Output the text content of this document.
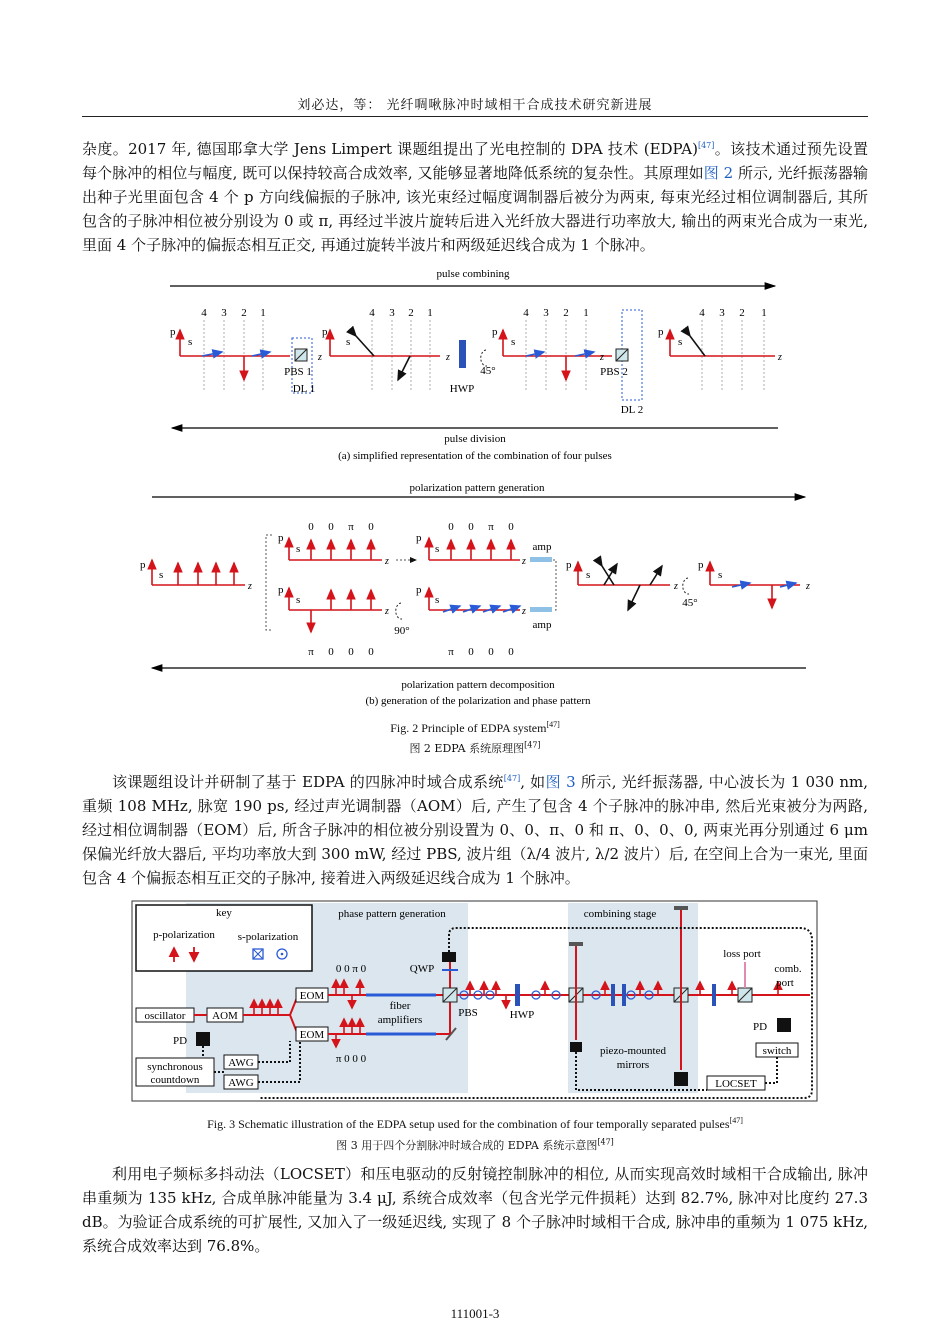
刘必达，等： 光纤啁啾脉冲时域相干合成技术研究新进展

杂度。2017 年, 德国耶拿大学 Jens Limpert 课题组提出了光电控制的 DPA 技术 (EDPA)[47]。该技术通过预先设置每个脉冲的相位与幅度, 既可以保持较高合成效率, 又能够显著地降低系统的复杂性。其原理如图 2 所示, 光纤振荡器输出种子光里面包含 4 个 p 方向线偏振的子脉冲, 该光束经过幅度调制器后被分为两束, 每束光经过相位调制器后, 其所包含的子脉冲相位被分别设为 0 或 π, 再经过半波片旋转后进入光纤放大器进行功率放大, 输出的两束光合成为一束光, 里面 4 个子脉冲的偏振态相互正交, 再通过旋转半波片和两级延迟线合成为 1 个脉冲。

pulse combining
4 3 2 1	4 3 2 1	4 3 2 1	4 3 2 1
p
s
PBS 1
DL 1
z
p
s
z
HWP
45°
p
s
z
PBS 2
DL 2
p
s
z
pulse division
(a) simplified representation of the combination of four pulses
polarization pattern generation
p
s
z
0 0 π 0	0 0 π 0
π 0 0 0	π 0 0 0
p
s
z
p
s
z
p
s
z
p
s
z
90°
amp
amp
p
s
z
45°
p
s
z
polarization pattern decomposition
(b) generation of the polarization and phase pattern
Fig. 2 Principle of EDPA system[47]
图 2 EDPA 系统原理图[47]

该课题组设计并研制了基于 EDPA 的四脉冲时域合成系统[47], 如图 3 所示, 光纤振荡器, 中心波长为 1 030 nm, 重频 108 MHz, 脉宽 190 ps, 经过声光调制器（AOM）后, 产生了包含 4 个子脉冲的脉冲串, 然后光束被分为两路, 经过相位调制器（EOM）后, 所含子脉冲的相位被分别设置为 0、0、π、0 和 π、0、0、0, 两束光再分别通过 6 μm 保偏光纤放大器后, 平均功率放大到 300 mW, 经过 PBS, 波片组（λ/4 波片, λ/2 波片）后, 在空间上合为一束光, 里面包含 4 个偏振态相互正交的子脉冲, 接着进入两级延迟线合成为 1 个脉冲。

phase pattern generation	combining stage
key
p-polarization s-polarization
oscillator AOM
EOM
EOM
0 0 π 0
π 0 0 0
fiber
amplifiers
QWP
PBS	HWP
piezo-mounted
mirrors
loss port
comb.
port
PD
switch
LOCSET
PD
synchronous
countdown
AWG
AWG
Fig. 3 Schematic illustration of the EDPA setup used for the combination of four temporally separated pulses[47]
图 3 用于四个分割脉冲时域合成的 EDPA 系统示意图[47]

利用电子频标多抖动法（LOCSET）和压电驱动的反射镜控制脉冲的相位, 从而实现高效时域相干合成输出, 脉冲串重频为 135 kHz, 合成单脉冲能量为 3.4 μJ, 系统合成效率（包含光学元件损耗）达到 82.7%, 脉冲对比度约 27.3 dB。为验证合成系统的可扩展性, 又加入了一级延迟线, 实现了 8 个子脉冲时域相干合成, 脉冲串的重频为 1 075 kHz, 系统合成效率达到 76.8%。

111001-3
